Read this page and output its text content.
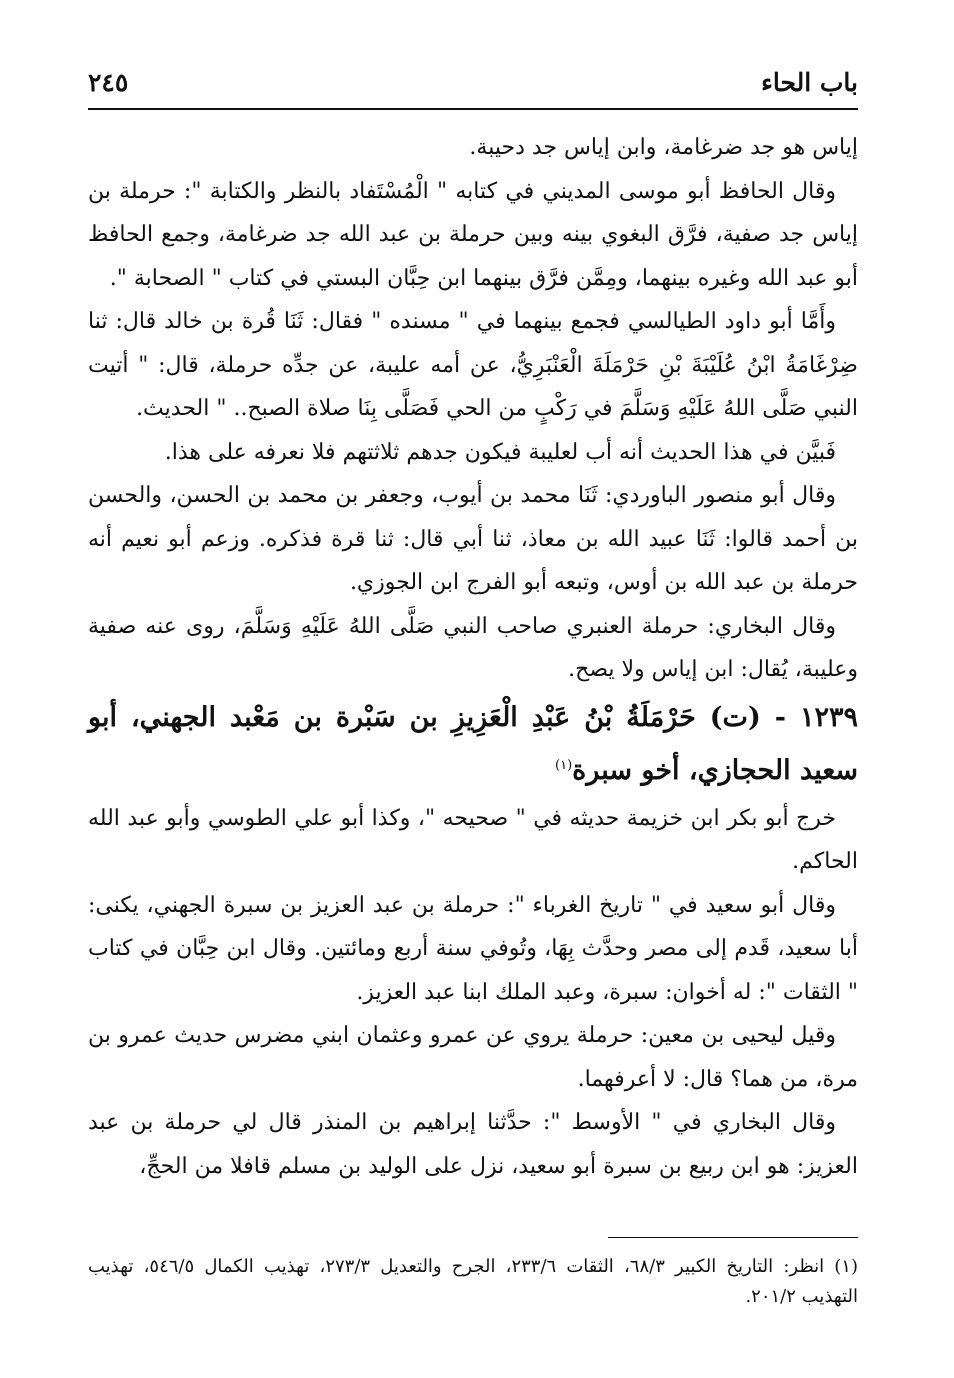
باب الحاء
٢٤٥

إياس هو جد ضرغامة، وابن إياس جد دحيبة.

وقال الحافظ أبو موسى المديني في كتابه " الْمُسْتَفاد بالنظر والكتابة ": حرملة بن إياس جد صفية، فرَّق البغوي بينه وبين حرملة بن عبد الله جد ضرغامة، وجمع الحافظ أبو عبد الله وغيره بينهما، ومِمَّن فرَّق بينهما ابن حِبَّان البستي في كتاب " الصحابة ".

وأَمَّا أبو داود الطيالسي فجمع بينهما في " مسنده " فقال: ثَنَا قُرة بن خالد قال: ثنا ضِرْغَامَةُ ابْنُ عُلَيْبَةَ بْنِ حَرْمَلَةَ الْعَنْبَرِيُّ، عن أمه عليبة، عن جدِّه حرملة، قال: " أتيت النبي صَلَّى اللهُ عَلَيْهِ وَسَلَّمَ في رَكْبٍ من الحي فَصَلَّى بِنَا صلاة الصبح.. " الحديث.

فَبيَّن في هذا الحديث أنه أب لعليبة فيكون جدهم ثلاثتهم فلا نعرفه على هذا.

وقال أبو منصور الباوردي: ثَنَا محمد بن أيوب، وجعفر بن محمد بن الحسن، والحسن بن أحمد قالوا: ثَنَا عبيد الله بن معاذ، ثنا أبي قال: ثنا قرة فذكره. وزعم أبو نعيم أنه حرملة بن عبد الله بن أوس، وتبعه أبو الفرج ابن الجوزي.

وقال البخاري: حرملة العنبري صاحب النبي صَلَّى اللهُ عَلَيْهِ وَسَلَّمَ، روى عنه صفية وعليبة، يُقال: ابن إياس ولا يصح.

١٢٣٩ - (ت) حَرْمَلَةُ بْنُ عَبْدِ الْعَزِيزِ بن سَبْرة بن مَعْبد الجهني، أبو سعيد الحجازي، أخو سبرة$^{(١)}$

خرج أبو بكر ابن خزيمة حديثه في " صحيحه "، وكذا أبو علي الطوسي وأبو عبد الله الحاكم.

وقال أبو سعيد في " تاريخ الغرباء ": حرملة بن عبد العزيز بن سبرة الجهني، يكنى: أبا سعيد، قَدم إلى مصر وحدَّث بِهَا، وتُوفي سنة أربع ومائتين. وقال ابن حِبَّان في كتاب " الثقات ": له أخوان: سبرة، وعبد الملك ابنا عبد العزيز.

وقيل ليحيى بن معين: حرملة يروي عن عمرو وعثمان ابني مضرس حديث عمرو بن مرة، من هما؟ قال: لا أعرفهما.

وقال البخاري في " الأوسط ": حدَّثنا إبراهيم بن المنذر قال لي حرملة بن عبد العزيز: هو ابن ربيع بن سبرة أبو سعيد، نزل على الوليد بن مسلم قافلا من الحجِّ،

(١) انظر: التاريخ الكبير ٦٨/٣، الثقات ٢٣٣/٦، الجرح والتعديل ٢٧٣/٣، تهذيب الكمال ٥٤٦/٥، تهذيب التهذيب ٢٠١/٢.
